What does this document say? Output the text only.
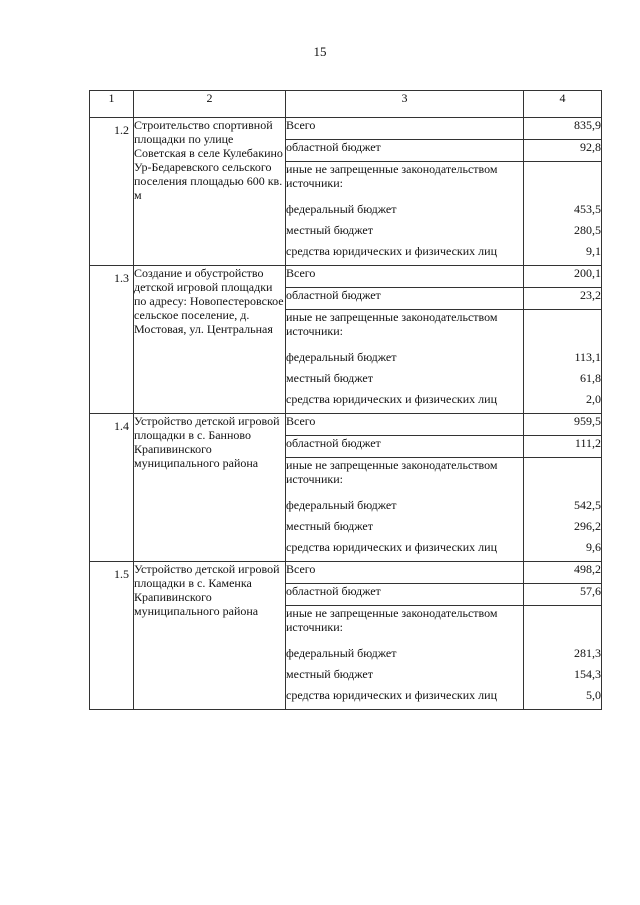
15
1	2	3	4
1.2	Строительство спортивной площадки по улице Советская в селе Кулебакино Ур-Бедаревского сельского поселения площадью 600 кв. м	Всего	835,9
		областной бюджет	92,8
		иные не запрещенные законодательством источники:	
		федеральный бюджет	453,5
		местный бюджет	280,5
		средства юридических и физических лиц	9,1
1.3	Создание и обустройство детской игровой площадки по адресу: Новопестеровское сельское поселение, д. Мостовая, ул. Центральная	Всего	200,1
		областной бюджет	23,2
		иные не запрещенные законодательством источники:	
		федеральный бюджет	113,1
		местный бюджет	61,8
		средства юридических и физических лиц	2,0
1.4	Устройство детской игровой площадки в с. Банново Крапивинского муниципального района	Всего	959,5
		областной бюджет	111,2
		иные не запрещенные законодательством источники:	
		федеральный бюджет	542,5
		местный бюджет	296,2
		средства юридических и физических лиц	9,6
1.5	Устройство детской игровой площадки в с. Каменка Крапивинского муниципального района	Всего	498,2
		областной бюджет	57,6
		иные не запрещенные законодательством источники:	
		федеральный бюджет	281,3
		местный бюджет	154,3
		средства юридических и физических лиц	5,0
